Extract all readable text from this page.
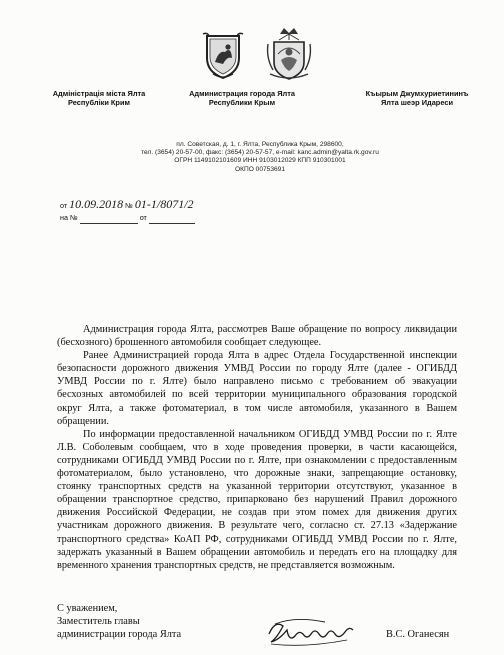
Адміністрація міста Ялта
Республіки Крим
Администрация города Ялта
Республики Крым
Къырым Джумхуриетининъ
Ялта шеэр Идареси
пл. Советская, д. 1, г. Ялта, Республика Крым, 298600,
тел. (3654) 20-57-00, факс: (3654) 20-57-57, e-mail: kanc.admin@yalta.rk.gov.ru
ОГРН 1149102101609 ИНН 9103012029 КПП 910301001
ОКПО 00753691
от 10.09.2018 № 01-1/8071/2
на №	от

Администрация города Ялта, рассмотрев Ваше обращение по вопросу ликвидации (бесхозного) брошенного автомобиля сообщает следующее.

Ранее Администрацией города Ялта в адрес Отдела Государственной инспекции безопасности дорожного движения УМВД России по городу Ялте (далее - ОГИБДД УМВД России по г. Ялте) было направлено письмо с требованием об эвакуации бесхозных автомобилей по всей территории муниципального образования городской округ Ялта, а также фотоматериал, в том числе автомобиля, указанного в Вашем обращении.

По информации предоставленной начальником ОГИБДД УМВД России по г. Ялте Л.В. Соболевым сообщаем, что в ходе проведения проверки, в части касающейся, сотрудниками ОГИБДД УМВД России по г. Ялте, при ознакомлении с предоставленным фотоматериалом, было установлено, что дорожные знаки, запрещающие остановку, стоянку транспортных средств на указанной территории отсутствуют, указанное в обращении транспортное средство, припарковано без нарушений Правил дорожного движения Российской Федерации, не создав при этом помех для движения других участникам дорожного движения. В результате чего, согласно ст. 27.13 «Задержание транспортного средства» КоАП РФ, сотрудниками ОГИБДД УМВД России по г. Ялте, задержать указанный в Вашем обращении автомобиль и передать его на площадку для временного хранения транспортных средств, не представляется возможным.

С уважением,
Заместитель главы
администрации города Ялта	В.С. Оганесян
